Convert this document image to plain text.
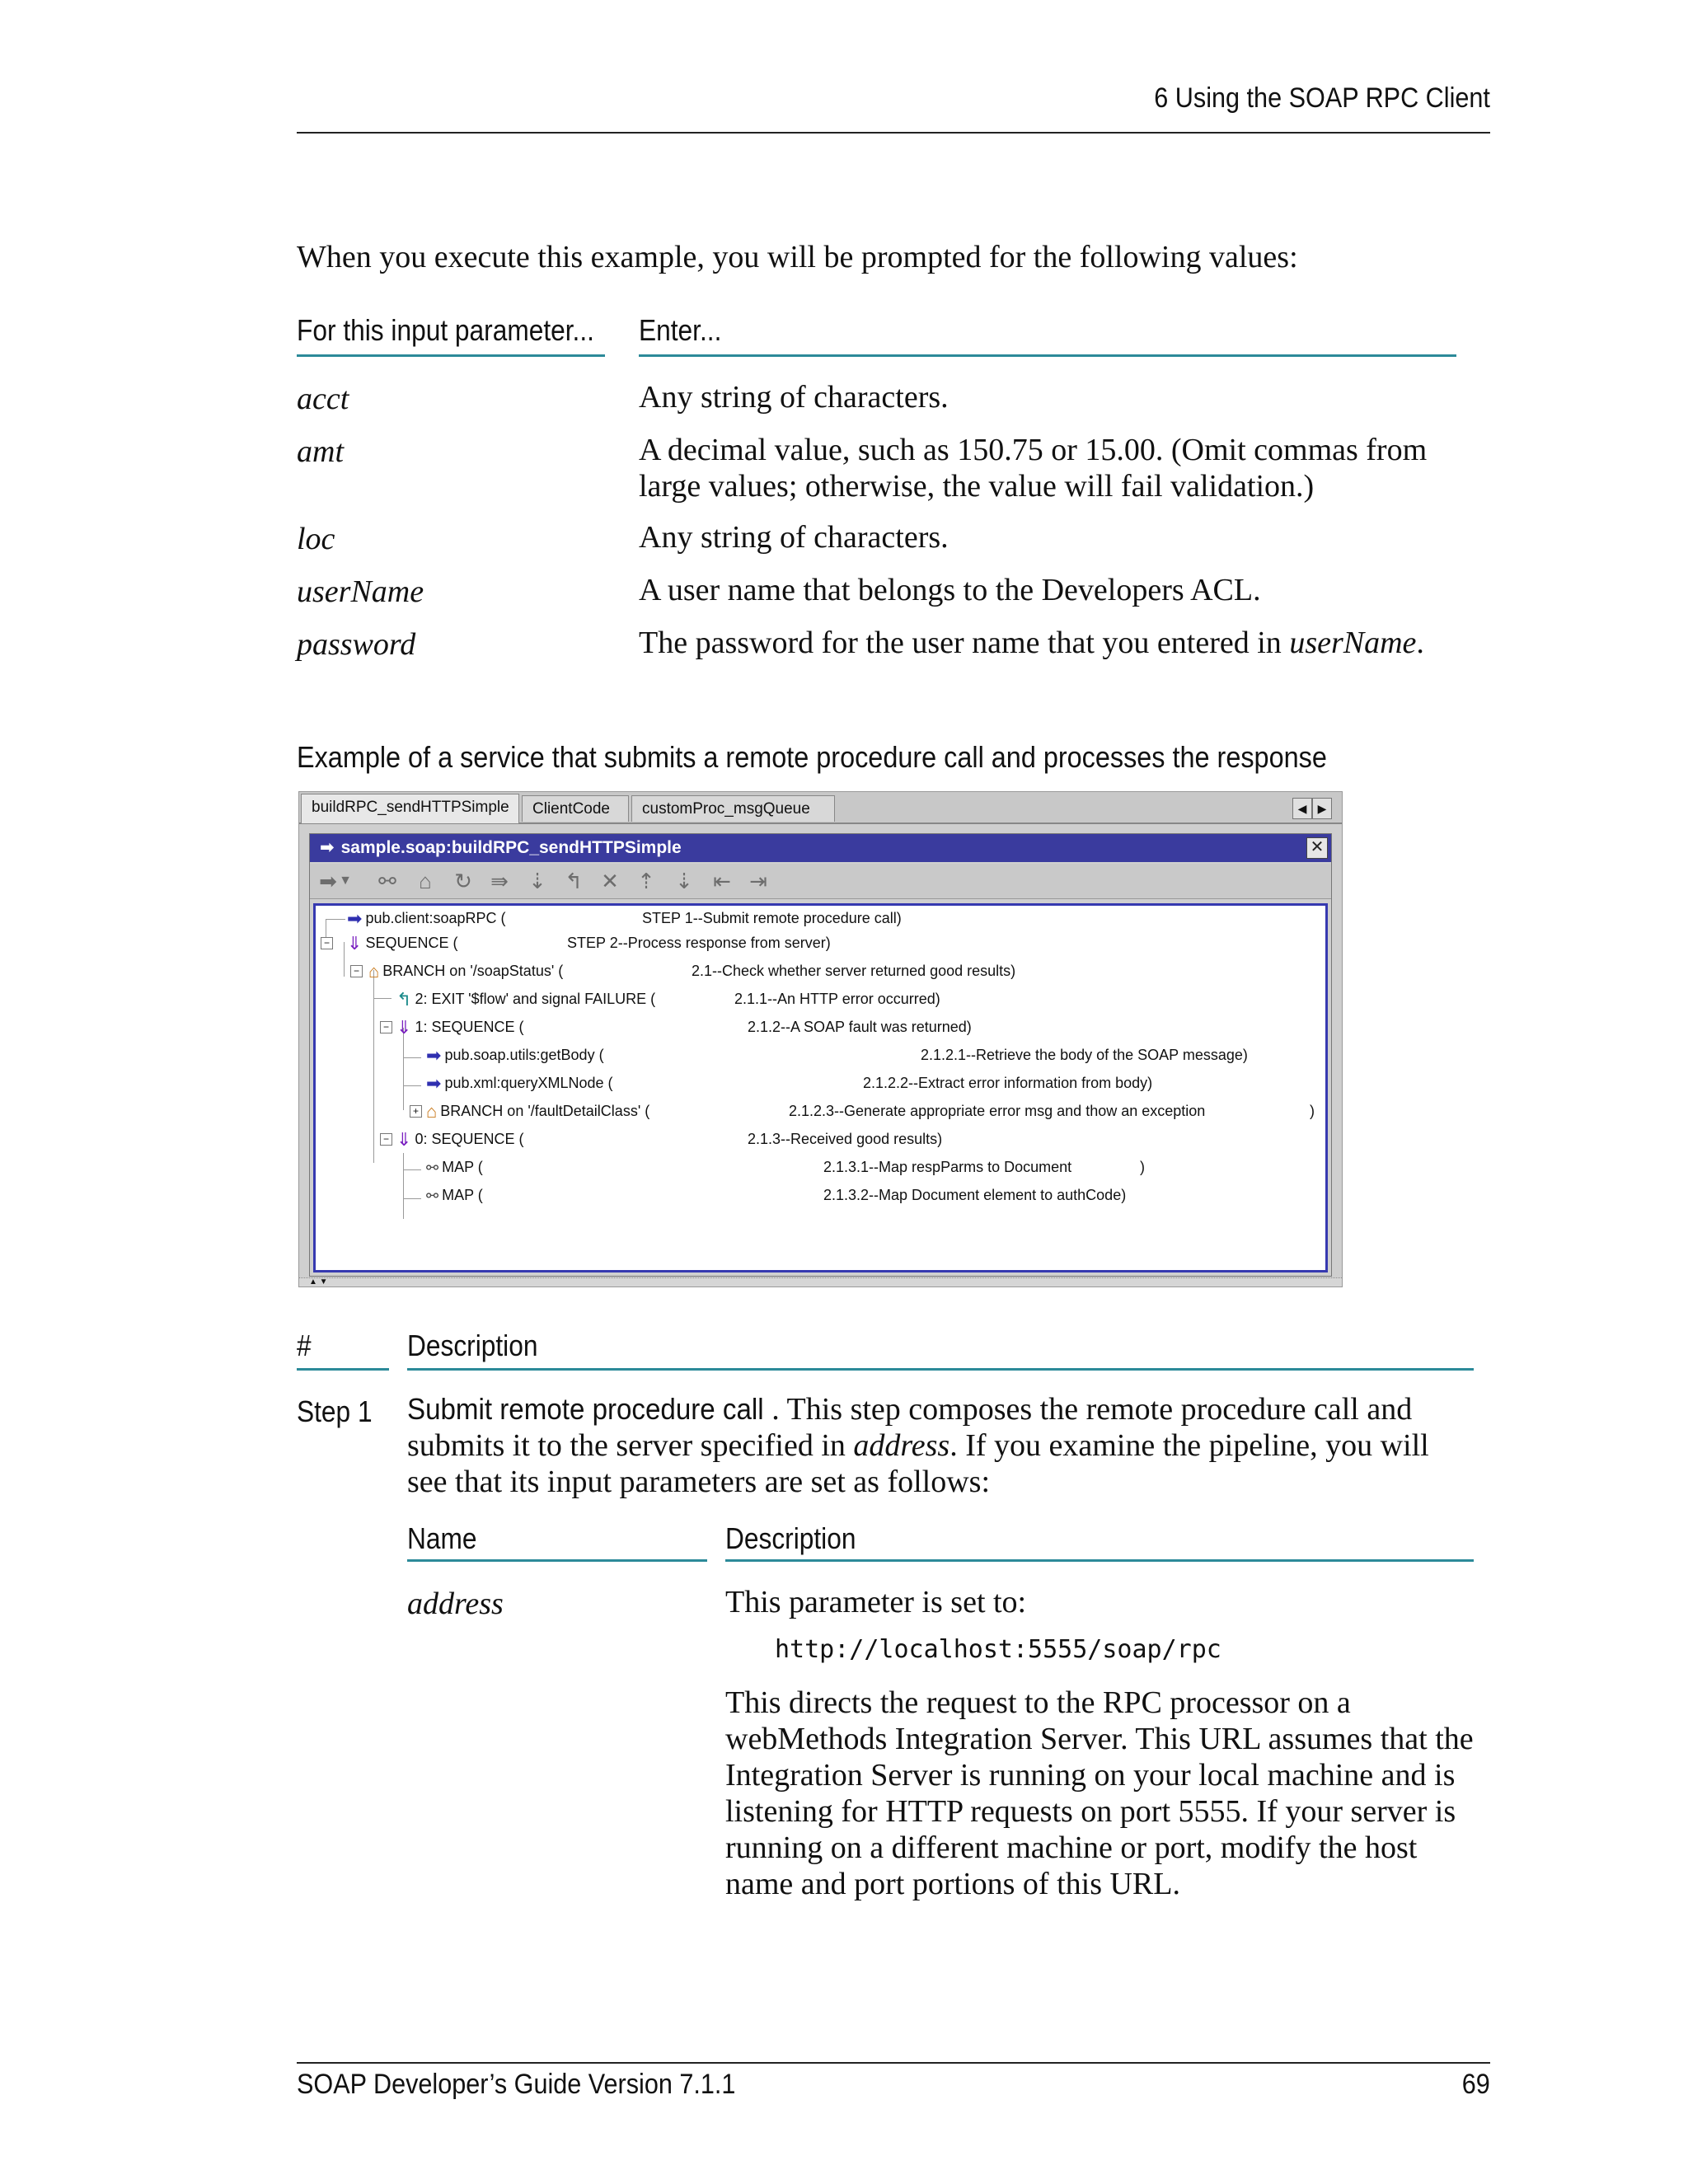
6 Using the SOAP RPC Client
When you execute this example, you will be prompted for the following values:
For this input parameter... Enter...
acct	Any string of characters.
amt	A decimal value, such as 150.75 or 15.00. (Omit commas from large values; otherwise, the value will fail validation.)
loc	Any string of characters.
userName	A user name that belongs to the Developers ACL.
password	The password for the user name that you entered in userName.
Example of a service that submits a remote procedure call and processes the response
buildRPC_sendHTTPSimple	ClientCode	customProc_msgQueue	◀ ▶
➡ sample.soap:buildRPC_sendHTTPSimple	✕
➡ ▼ ⚯	⌂	↻ ⇛ ⇣ ↰ ✕ ⇡ ⇣ ⇤ ⇥
➡ pub.client:soapRPC (	STEP 1--Submit remote procedure call)
− ⇓ SEQUENCE (	STEP 2--Process response from server)
− ⌂ BRANCH on '/soapStatus' (	2.1--Check whether server returned good results)
↰ 2: EXIT '$flow' and signal FAILURE (	2.1.1--An HTTP error occurred)
− ⇓ 1: SEQUENCE (	2.1.2--A SOAP fault was returned)
➡ pub.soap.utils:getBody (	2.1.2.1--Retrieve the body of the SOAP message)
➡ pub.xml:queryXMLNode (	2.1.2.2--Extract error information from body)
+ ⌂ BRANCH on '/faultDetailClass' (	2.1.2.3--Generate appropriate error msg and thow an exception	)
− ⇓ 0: SEQUENCE (	2.1.3--Received good results)
⚯ MAP (	2.1.3.1--Map respParms to Document	)
⚯ MAP (	2.1.3.2--Map Document element to authCode)
▲ ▼
#	Description
Step 1 Submit remote procedure call . This step composes the remote procedure call and submits it to the server specified in address. If you examine the pipeline, you will see that its input parameters are set as follows:
Name	Description
address	This parameter is set to:
http://localhost:5555/soap/rpc
This directs the request to the RPC processor on a webMethods Integration Server. This URL assumes that the Integration Server is running on your local machine and is listening for HTTP requests on port 5555. If your server is running on a different machine or port, modify the host name and port portions of this URL.
SOAP Developer’s Guide Version 7.1.1	69
